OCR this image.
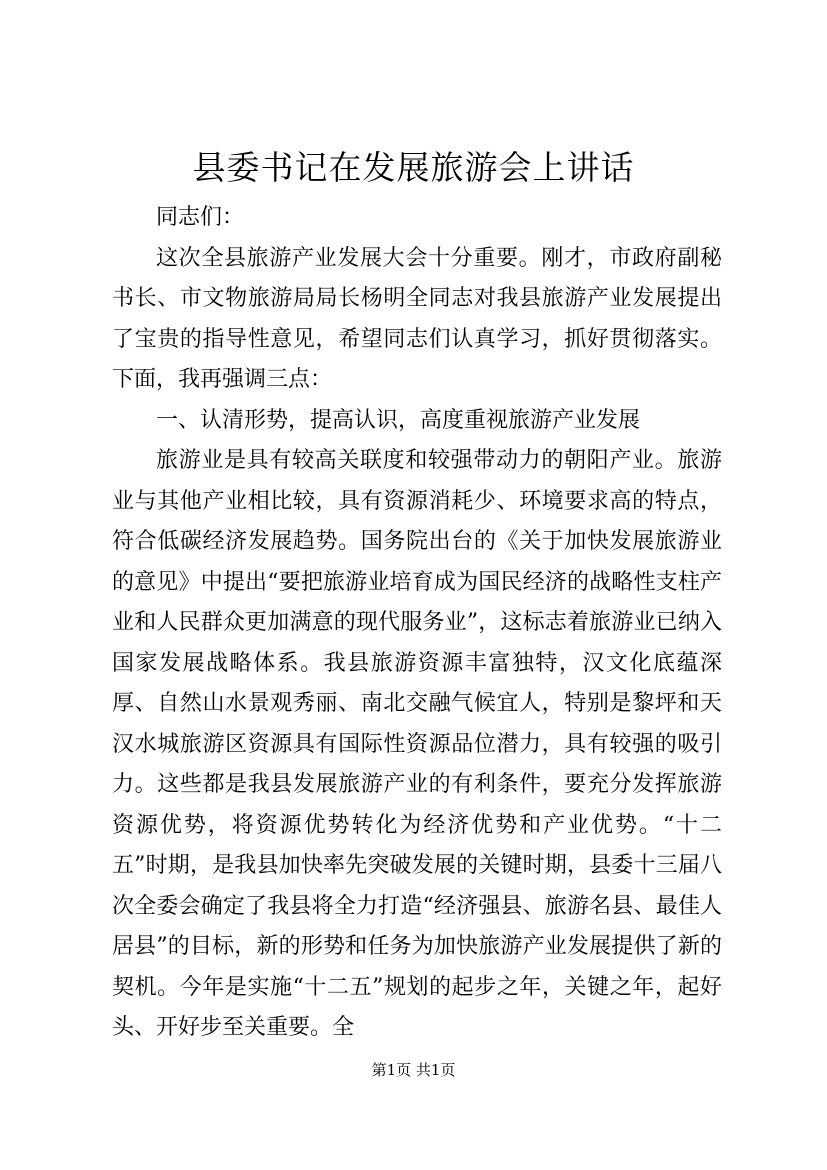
县委书记在发展旅游会上讲话

同志们：

这次全县旅游产业发展大会十分重要。刚才，市政府副秘书长、市文物旅游局局长杨明全同志对我县旅游产业发展提出了宝贵的指导性意见，希望同志们认真学习，抓好贯彻落实。下面，我再强调三点：

一、认清形势，提高认识，高度重视旅游产业发展

旅游业是具有较高关联度和较强带动力的朝阳产业。旅游业与其他产业相比较，具有资源消耗少、环境要求高的特点，符合低碳经济发展趋势。国务院出台的《关于加快发展旅游业的意见》中提出“要把旅游业培育成为国民经济的战略性支柱产业和人民群众更加满意的现代服务业”，这标志着旅游业已纳入国家发展战略体系。我县旅游资源丰富独特，汉文化底蕴深厚、自然山水景观秀丽、南北交融气候宜人，特别是黎坪和天汉水城旅游区资源具有国际性资源品位潜力，具有较强的吸引力。这些都是我县发展旅游产业的有利条件，要充分发挥旅游资源优势，将资源优势转化为经济优势和产业优势。“十二五”时期，是我县加快率先突破发展的关键时期，县委十三届八次全委会确定了我县将全力打造“经济强县、旅游名县、最佳人居县”的目标，新的形势和任务为加快旅游产业发展提供了新的契机。今年是实施“十二五”规划的起步之年，关键之年，起好头、开好步至关重要。全

第1页 共1页
